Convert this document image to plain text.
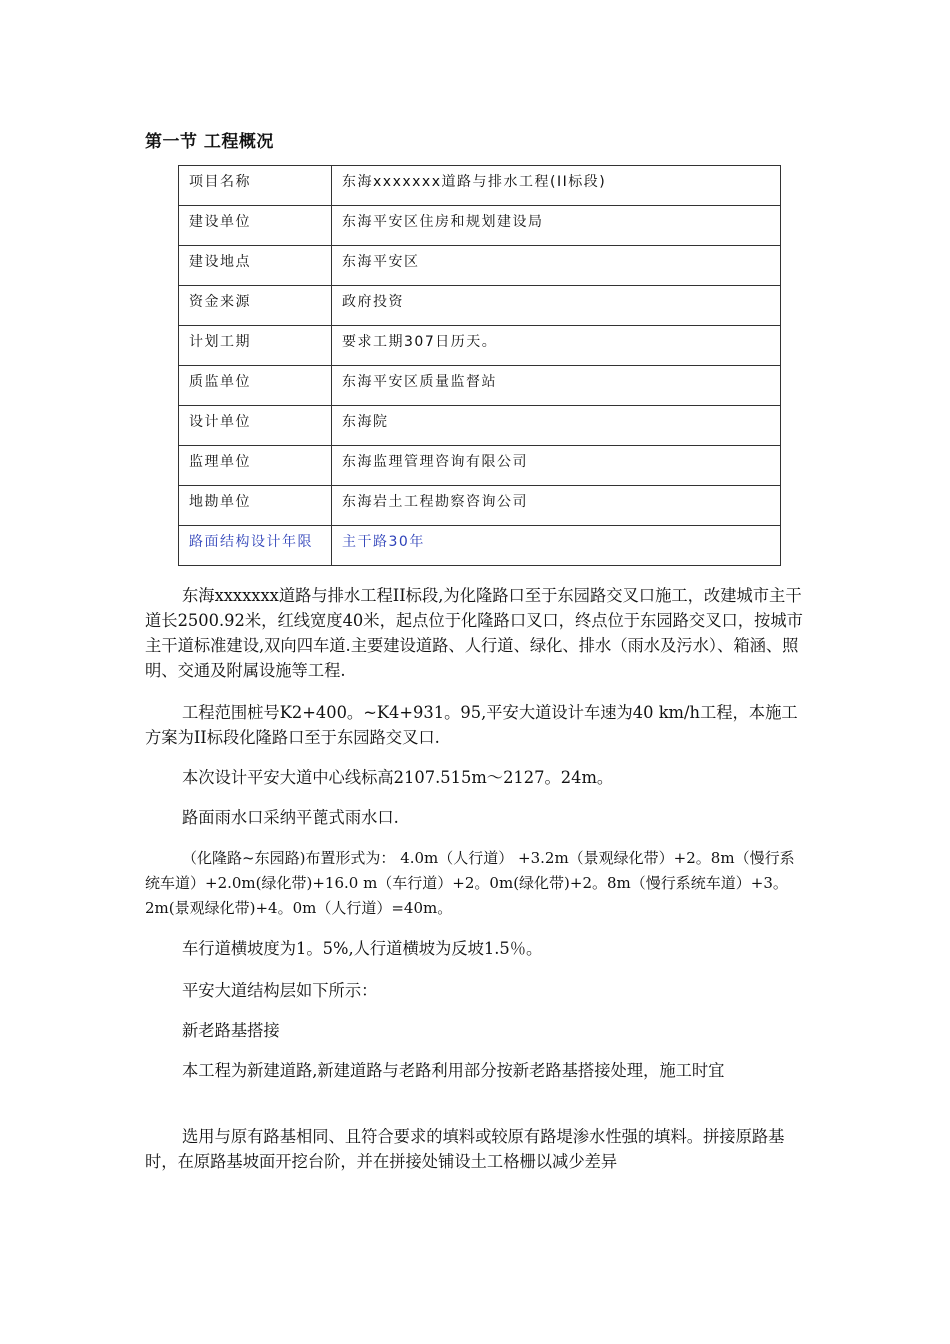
第一节 工程概况
项目名称	东海xxxxxxx道路与排水工程(II标段)
建设单位	东海平安区住房和规划建设局
建设地点	东海平安区
资金来源	政府投资
计划工期	要求工期307日历天。
质监单位	东海平安区质量监督站
设计单位	东海院
监理单位	东海监理管理咨询有限公司
地勘单位	东海岩土工程勘察咨询公司
路面结构设计年限	主干路30年

东海xxxxxxx道路与排水工程II标段,为化隆路口至于东园路交叉口施工，改建城市主干道长2500.92米，红线宽度40米，起点位于化隆路口叉口，终点位于东园路交叉口，按城市主干道标准建设,双向四车道.主要建设道路、人行道、绿化、排水（雨水及污水）、箱涵、照明、交通及附属设施等工程.

工程范围桩号K2+400。~K4+931。95,平安大道设计车速为40 km/h工程，本施工方案为II标段化隆路口至于东园路交叉口.

本次设计平安大道中心线标高2107.515m～2127。24m。

路面雨水口采纳平蓖式雨水口.

（化隆路~东园路)布置形式为： 4.0m（人行道） +3.2m（景观绿化带）+2。8m（慢行系统车道）+2.0m(绿化带)+16.0 m（车行道）+2。0m(绿化带)+2。8m（慢行系统车道）+3。2m(景观绿化带)+4。0m（人行道）=40m。

车行道横坡度为1。5%,人行道横坡为反坡1.5％。

平安大道结构层如下所示：

新老路基搭接

本工程为新建道路,新建道路与老路利用部分按新老路基搭接处理，施工时宜

选用与原有路基相同、且符合要求的填料或较原有路堤渗水性强的填料。拼接原路基时，在原路基坡面开挖台阶，并在拼接处铺设土工格栅以减少差异
